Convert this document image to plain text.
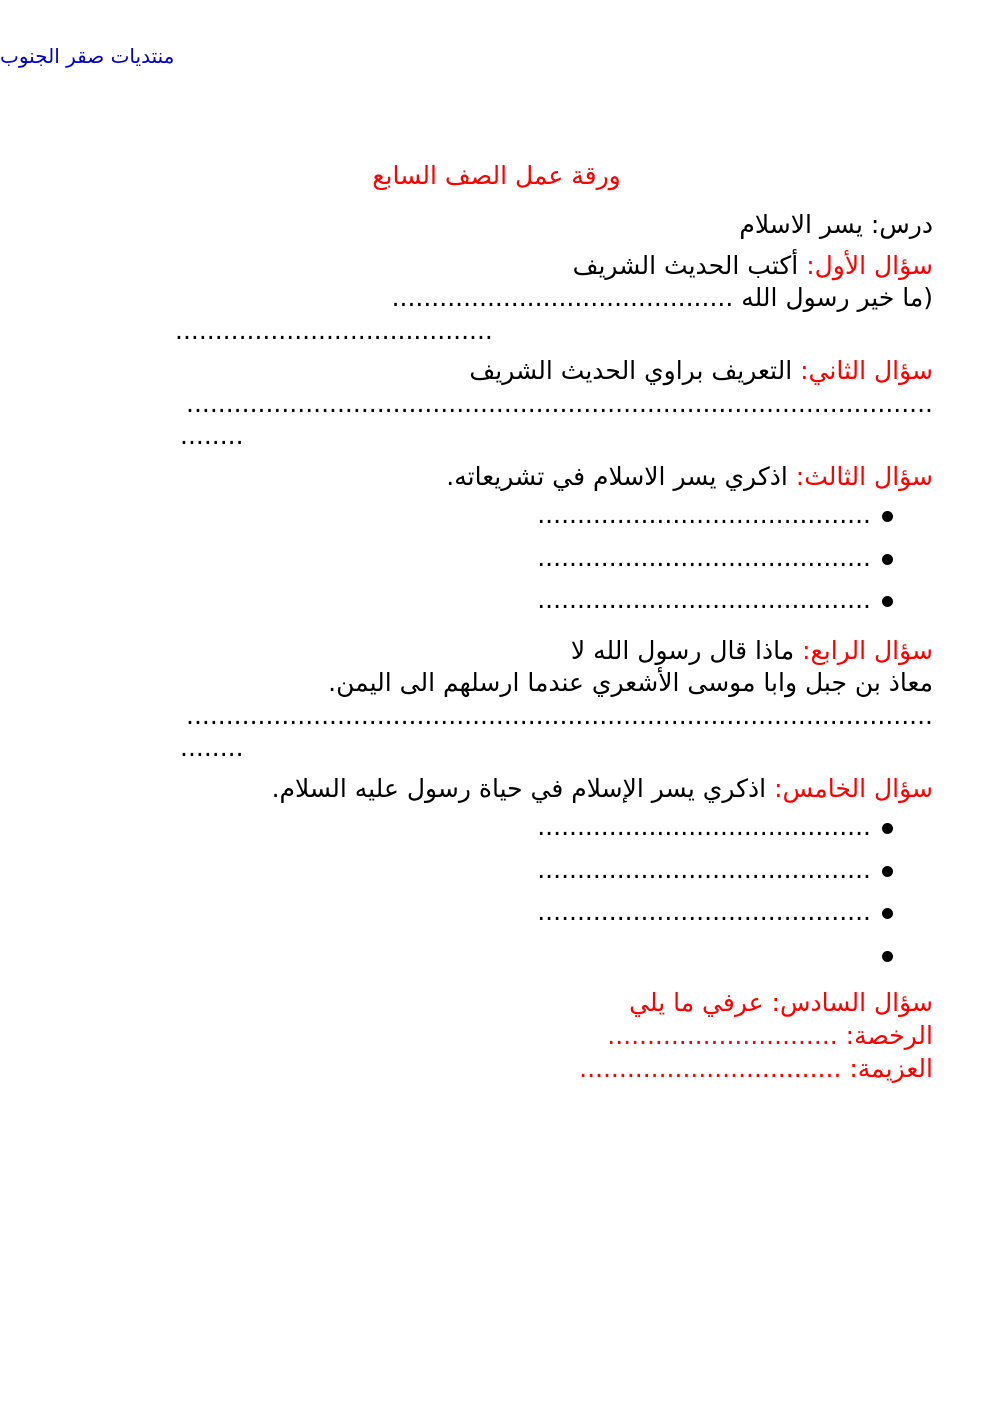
منتديات صقر الجنوب

ورقة عمل الصف السابع

درس: يسر الاسلام

سؤال الأول: أكتب الحديث الشريف

(ما خير رسول الله ...........................................

........................................

سؤال الثاني: التعريف براوي الحديث الشريف

..............................................................................................
........

سؤال الثالث: اذكري يسر الاسلام في تشريعاته.

..........................................
..........................................
..........................................

سؤال الرابع: ماذا قال رسول الله لا

معاذ بن جبل وابا موسى الأشعري عندما ارسلهم الى اليمن.

..............................................................................................
........

سؤال الخامس: اذكري يسر الإسلام في حياة رسول عليه السلام.

..........................................
..........................................
..........................................

سؤال السادس: عرفي ما يلي

الرخصة: .............................

العزيمة: .................................
